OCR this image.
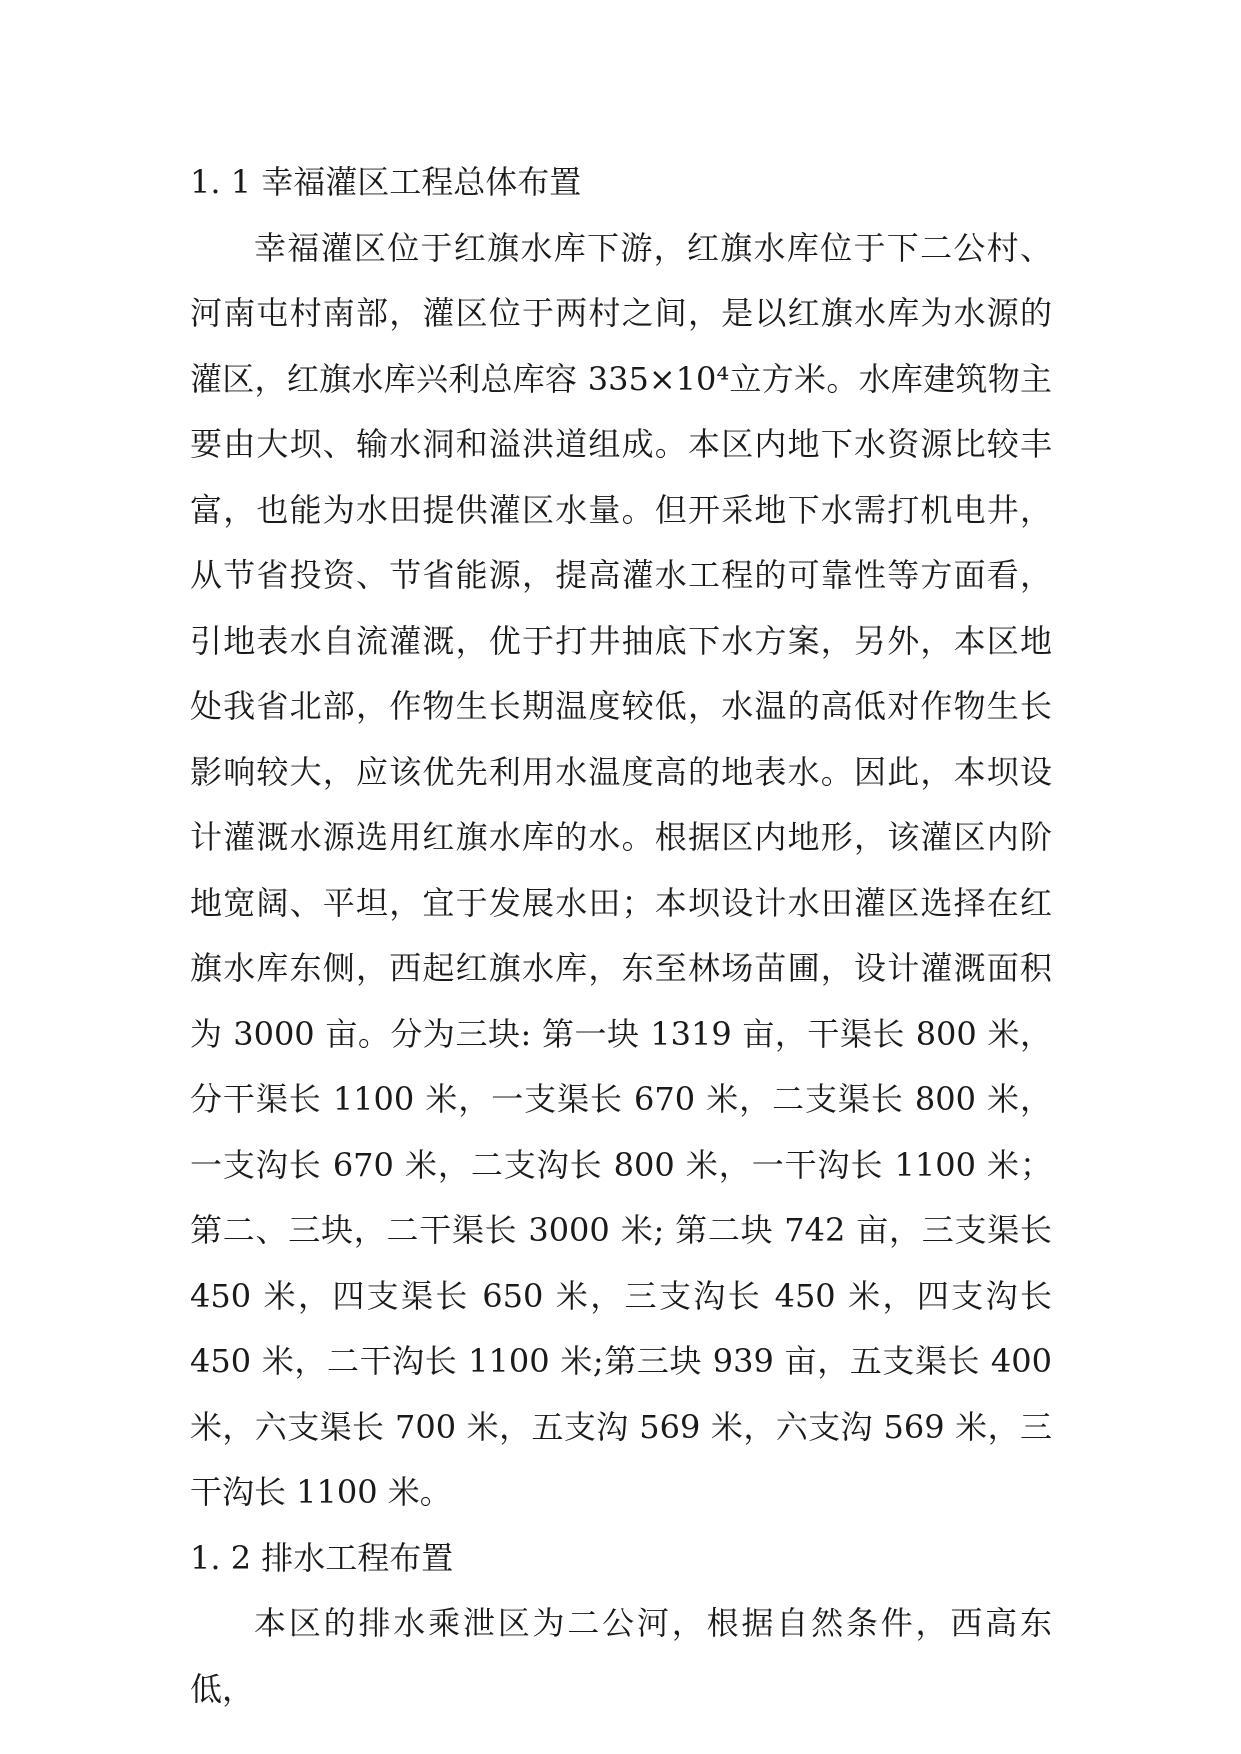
1. 1 幸福灌区工程总体布置

幸福灌区位于红旗水库下游，红旗水库位于下二公村、河南屯村南部，灌区位于两村之间，是以红旗水库为水源的灌区，红旗水库兴利总库容 335×10⁴立方米。水库建筑物主要由大坝、输水洞和溢洪道组成。本区内地下水资源比较丰富，也能为水田提供灌区水量。但开采地下水需打机电井，从节省投资、节省能源，提高灌水工程的可靠性等方面看，引地表水自流灌溉，优于打井抽底下水方案，另外，本区地处我省北部，作物生长期温度较低，水温的高低对作物生长影响较大，应该优先利用水温度高的地表水。因此，本坝设计灌溉水源选用红旗水库的水。根据区内地形，该灌区内阶地宽阔、平坦，宜于发展水田；本坝设计水田灌区选择在红旗水库东侧，西起红旗水库，东至林场苗圃，设计灌溉面积为 3000 亩。分为三块: 第一块 1319 亩，干渠长 800 米，分干渠长 1100 米，一支渠长 670 米，二支渠长 800 米，一支沟长 670 米，二支沟长 800 米，一干沟长 1100 米；第二、三块，二干渠长 3000 米; 第二块 742 亩，三支渠长 450 米，四支渠长 650 米，三支沟长 450 米，四支沟长 450 米，二干沟长 1100 米;第三块 939 亩，五支渠长 400 米，六支渠长 700 米，五支沟 569 米，六支沟 569 米，三干沟长 1100 米。

1. 2 排水工程布置

本区的排水乘泄区为二公河，根据自然条件，西高东低，
